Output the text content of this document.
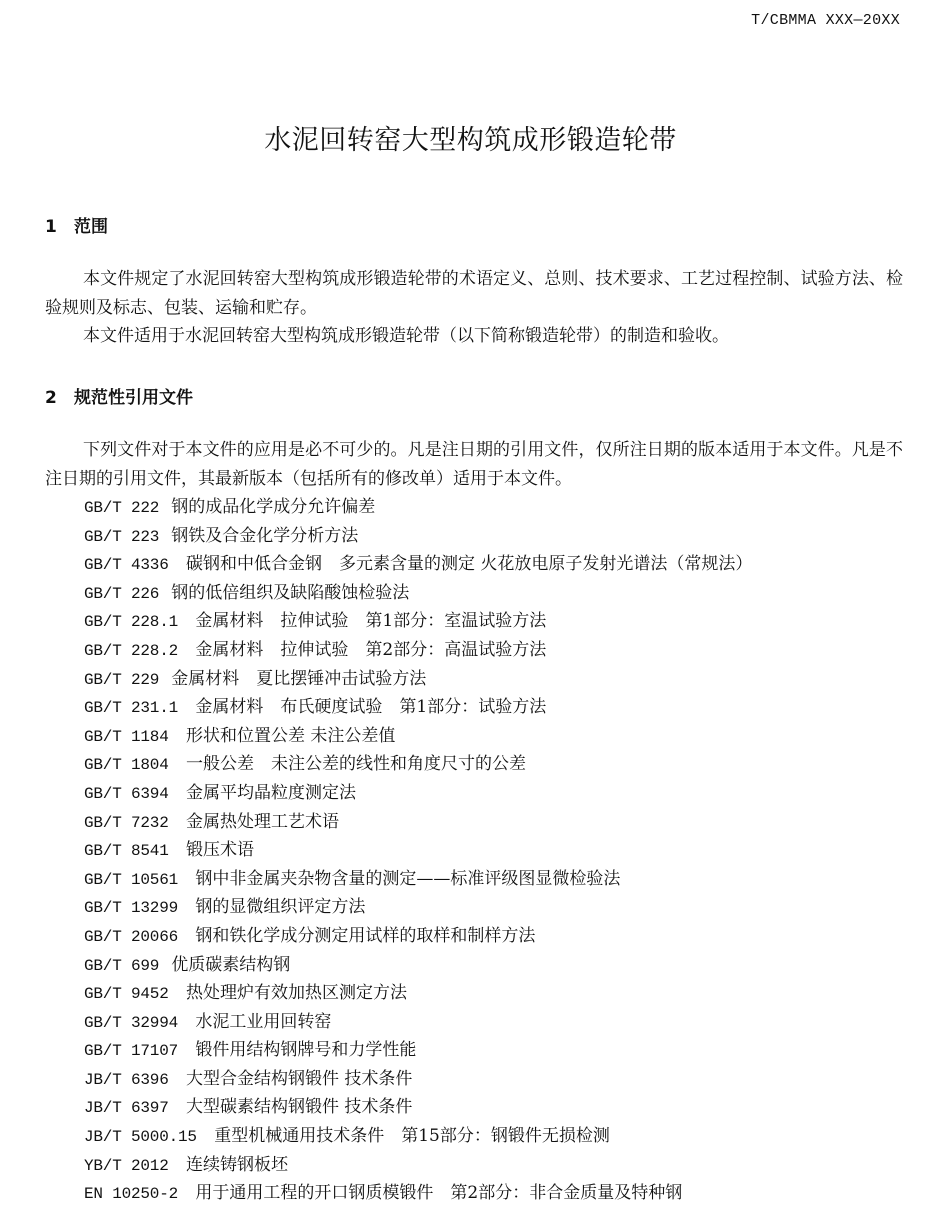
T/CBMMA XXX—20XX
水泥回转窑大型构筑成形锻造轮带
1 范围

本文件规定了水泥回转窑大型构筑成形锻造轮带的术语定义、总则、技术要求、工艺过程控制、试验方法、检验规则及标志、包装、运输和贮存。

本文件适用于水泥回转窑大型构筑成形锻造轮带（以下简称锻造轮带）的制造和验收。

2 规范性引用文件

下列文件对于本文件的应用是必不可少的。凡是注日期的引用文件，仅所注日期的版本适用于本文件。凡是不注日期的引用文件，其最新版本（包括所有的修改单）适用于本文件。

GB/T 222 钢的成品化学成分允许偏差
GB/T 223 钢铁及合金化学分析方法
GB/T 4336 碳钢和中低合金钢　多元素含量的测定 火花放电原子发射光谱法（常规法）
GB/T 226 钢的低倍组织及缺陷酸蚀检验法
GB/T 228.1 金属材料　拉伸试验　第1部分：室温试验方法
GB/T 228.2 金属材料　拉伸试验　第2部分：高温试验方法
GB/T 229 金属材料　夏比摆锤冲击试验方法
GB/T 231.1 金属材料　布氏硬度试验　第1部分：试验方法
GB/T 1184 形状和位置公差 未注公差值
GB/T 1804 一般公差　未注公差的线性和角度尺寸的公差
GB/T 6394 金属平均晶粒度测定法
GB/T 7232 金属热处理工艺术语
GB/T 8541 锻压术语
GB/T 10561 钢中非金属夹杂物含量的测定——标准评级图显微检验法
GB/T 13299 钢的显微组织评定方法
GB/T 20066 钢和铁化学成分测定用试样的取样和制样方法
GB/T 699 优质碳素结构钢
GB/T 9452 热处理炉有效加热区测定方法
GB/T 32994 水泥工业用回转窑
GB/T 17107 锻件用结构钢牌号和力学性能
JB/T 6396 大型合金结构钢锻件 技术条件
JB/T 6397 大型碳素结构钢锻件 技术条件
JB/T 5000.15 重型机械通用技术条件　第15部分：钢锻件无损检测
YB/T 2012 连续铸钢板坯
EN 10250-2 用于通用工程的开口钢质模锻件　第2部分：非合金质量及特种钢
